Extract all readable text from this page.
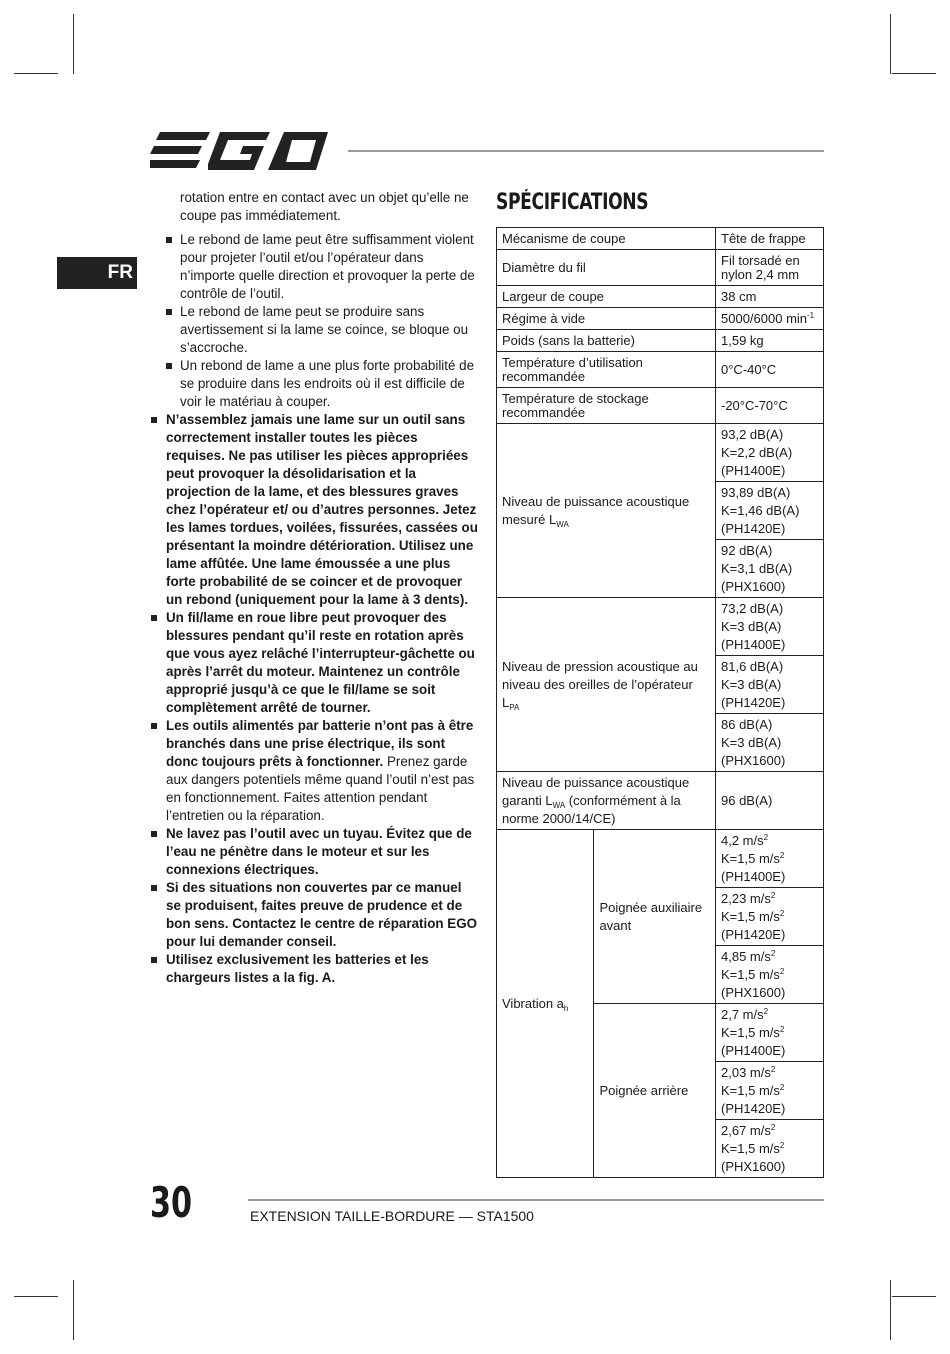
FR

rotation entre en contact avec un objet qu’elle ne coupe pas immédiatement.

Le rebond de lame peut être suffisamment violent pour projeter l’outil et/ou l’opérateur dans n’importe quelle direction et provoquer la perte de contrôle de l’outil.

Le rebond de lame peut se produire sans avertissement si la lame se coince, se bloque ou s’accroche.

Un rebond de lame a une plus forte probabilité de se produire dans les endroits où il est difficile de voir le matériau à couper.

N’assemblez jamais une lame sur un outil sans correctement installer toutes les pièces requises. Ne pas utiliser les pièces appropriées peut provoquer la désolidarisation et la projection de la lame, et des blessures graves chez l’opérateur et/ ou d’autres personnes. Jetez les lames tordues, voilées, fissurées, cassées ou présentant la moindre détérioration. Utilisez une lame affûtée. Une lame émoussée a une plus forte probabilité de se coincer et de provoquer un rebond (uniquement pour la lame à 3 dents).

Un fil/lame en roue libre peut provoquer des blessures pendant qu’il reste en rotation après que vous ayez relâché l’interrupteur-gâchette ou après l’arrêt du moteur. Maintenez un contrôle approprié jusqu’à ce que le fil/lame se soit complètement arrêté de tourner.

Les outils alimentés par batterie n’ont pas à être branchés dans une prise électrique, ils sont donc toujours prêts à fonctionner. Prenez garde aux dangers potentiels même quand l’outil n’est pas en fonctionnement. Faites attention pendant l’entretien ou la réparation.

Ne lavez pas l’outil avec un tuyau. Évitez que de l’eau ne pénètre dans le moteur et sur les connexions électriques.

Si des situations non couvertes par ce manuel se produisent, faites preuve de prudence et de bon sens. Contactez le centre de réparation EGO pour lui demander conseil.

Utilisez exclusivement les batteries et les chargeurs listes a la fig. A.

SPÉCIFICATIONS
Mécanisme de coupe		Tête de frappe
Diamètre du fil		Fil torsadé en nylon 2,4 mm
Largeur de coupe		38 cm
Régime à vide		5000/6000 $\min^{-1}$
Poids (sans la batterie)		1,59 kg
Température d’utilisation recommandée		0°C-40°C
Température de stockage recommandée		-20°C-70°C
Niveau de puissance acoustique mesuré $L_{WA}$		93,2 dB(A)
K=2,2 dB(A)
(PH1400E)

		93,89 dB(A)
K=1,46 dB(A)
(PH1420E)

		92 dB(A)
K=3,1 dB(A)
(PHX1600)

Niveau de pression acoustique au niveau des oreilles de l’opérateur $L_{PA}$		73,2 dB(A)
K=3 dB(A)
(PH1400E)

		81,6 dB(A)
K=3 dB(A)
(PH1420E)

		86 dB(A)
K=3 dB(A)
(PHX1600)

Niveau de puissance acoustique garanti $L_{WA}$ (conformément à la norme 2000/14/CE)		96 dB(A)
Vibration $a_h$	Poignée auxiliaire avant	4,2 $m/s^2$
K=1,5 $m/s^2$
(PH1400E)

		2,23 $m/s^2$
K=1,5 $m/s^2$
(PH1420E)

		4,85 $m/s^2$
K=1,5 $m/s^2$
(PHX1600)

	Poignée arrière	2,7 $m/s^2$
K=1,5 $m/s^2$
(PH1400E)

		2,03 $m/s^2$
K=1,5 $m/s^2$
(PH1420E)

		2,67 $m/s^2$
K=1,5 $m/s^2$
(PHX1600)
30	EXTENSION TAILLE-BORDURE — STA1500
